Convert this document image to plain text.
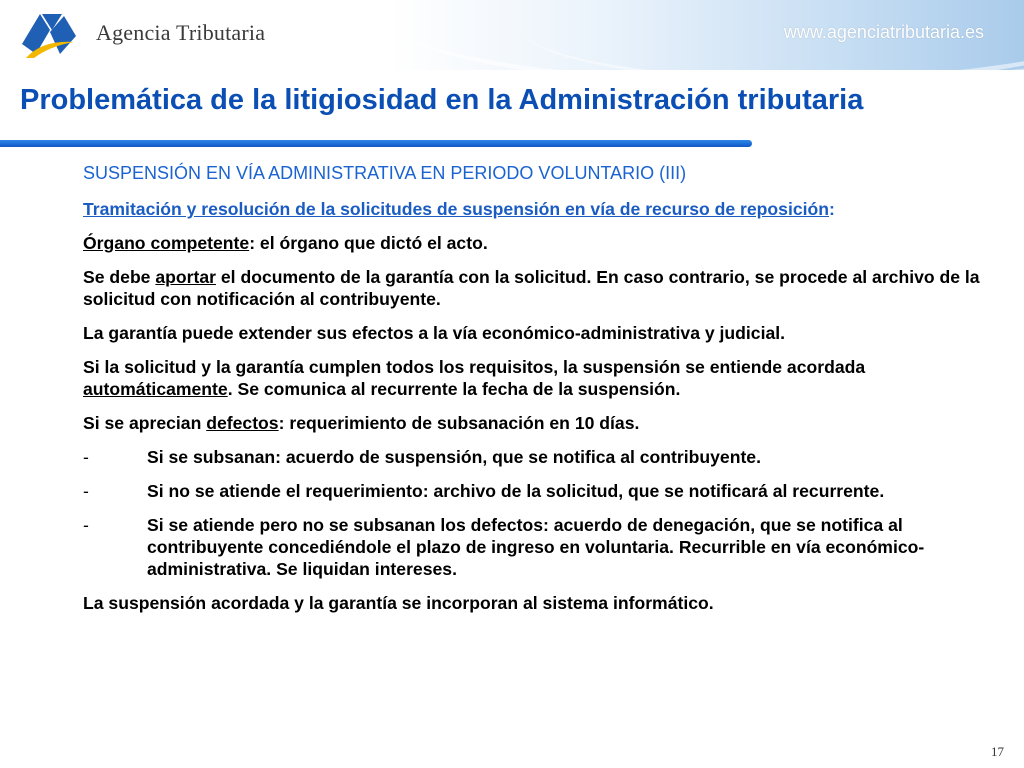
Agencia Tributaria	www.agenciatributaria.es
Problemática de la litigiosidad en la Administración tributaria

SUSPENSIÓN EN VÍA ADMINISTRATIVA EN PERIODO VOLUNTARIO (III)

Tramitación y resolución de la solicitudes de suspensión en vía de recurso de reposición:

Órgano competente: el órgano que dictó el acto.

Se debe aportar el documento de la garantía con la solicitud. En caso contrario, se procede al archivo de la solicitud con notificación al contribuyente.

La garantía puede extender sus efectos a la vía económico-administrativa y judicial.

Si la solicitud y la garantía cumplen todos los requisitos, la suspensión se entiende acordada automáticamente. Se comunica al recurrente la fecha de la suspensión.

Si se aprecian defectos: requerimiento de subsanación en 10 días.

-	Si se subsanan: acuerdo de suspensión, que se notifica al contribuyente.

-	Si no se atiende el requerimiento: archivo de la solicitud, que se notificará al recurrente.

-	Si se atiende pero no se subsanan los defectos: acuerdo de denegación, que se notifica al contribuyente concediéndole el plazo de ingreso en voluntaria. Recurrible en vía económico-administrativa. Se liquidan intereses.

La suspensión acordada y la garantía se incorporan al sistema informático.

17
